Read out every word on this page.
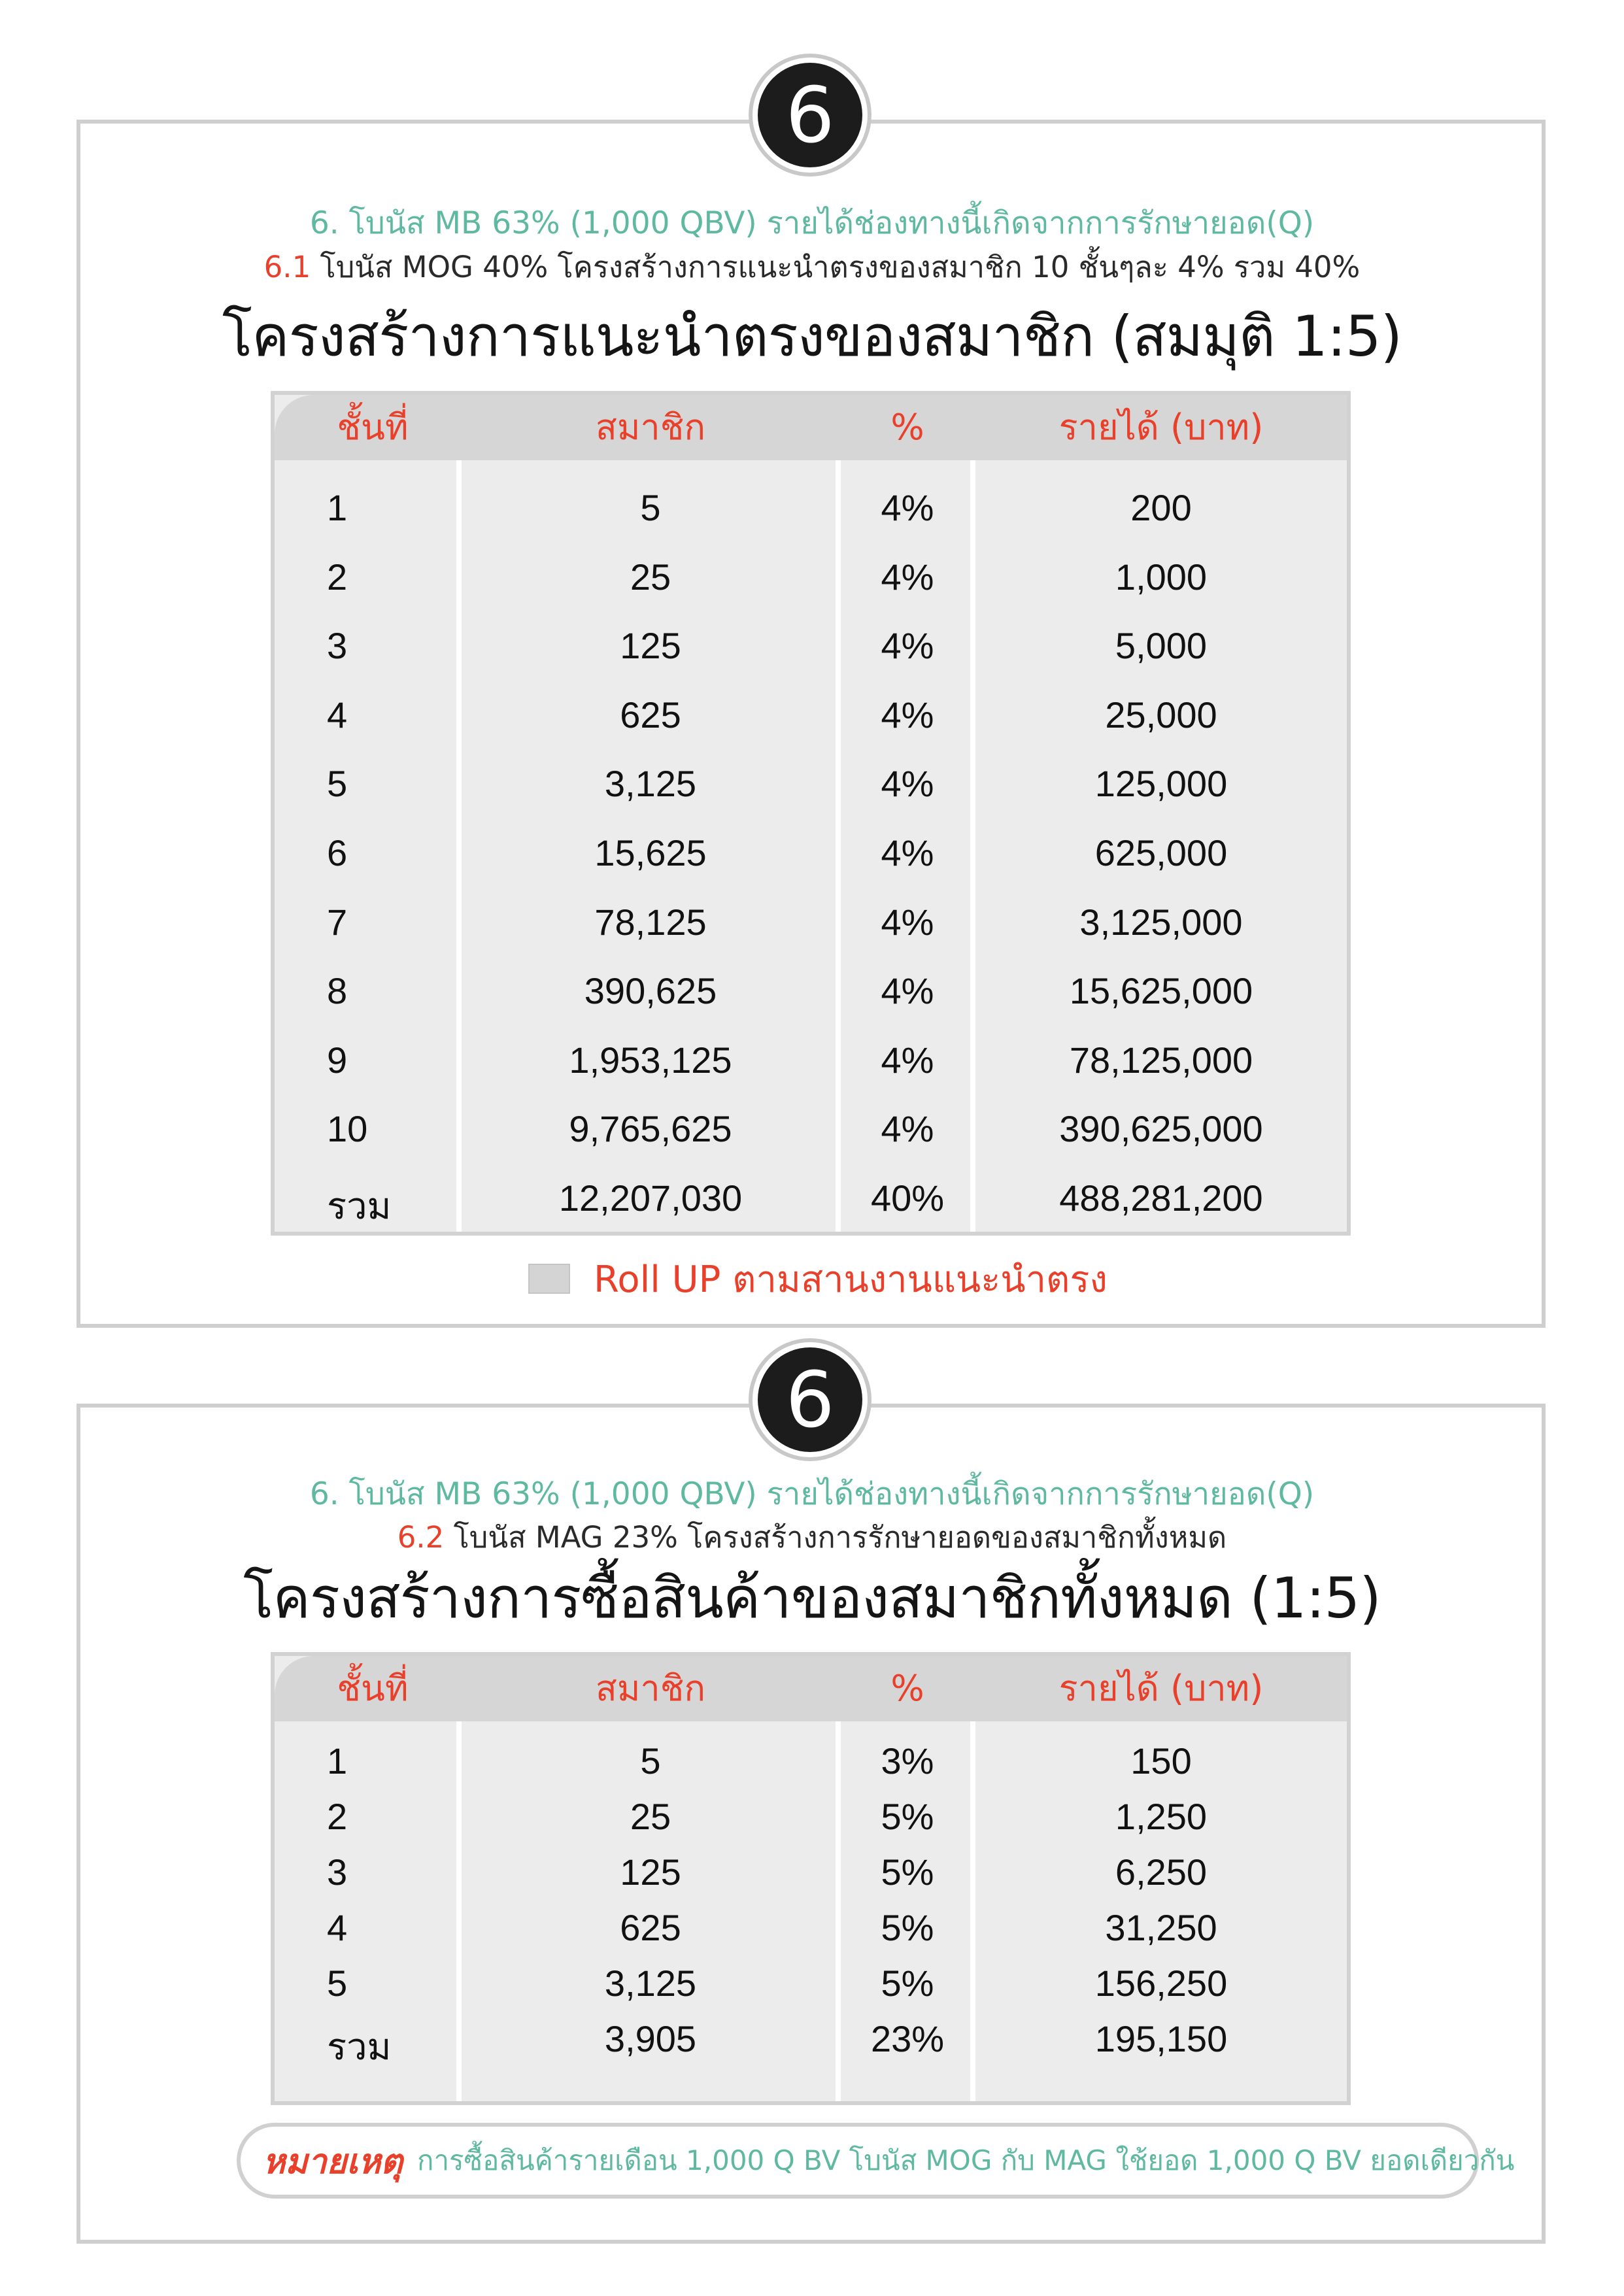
6
6. โบนัส MB 63% (1,000 QBV) รายได้ช่องทางนี้เกิดจากการรักษายอด(Q)
6.1 โบนัส MOG 40% โครงสร้างการแนะนำตรงของสมาชิก 10 ชั้นๆละ 4% รวม 40%
โครงสร้างการแนะนำตรงของสมาชิก (สมมุติ 1:5)
ชั้นที่	สมาชิก	%	รายได้ (บาท)
1	5	4%	200
2	25	4%	1,000
3	125	4%	5,000
4	625	4%	25,000
5	3,125	4%	125,000
6	15,625	4%	625,000
7	78,125	4%	3,125,000
8	390,625	4%	15,625,000
9	1,953,125	4%	78,125,000
10	9,765,625	4%	390,625,000
รวม	12,207,030	40%	488,281,200
Roll UP ตามสานงานแนะนำตรง
6
6. โบนัส MB 63% (1,000 QBV) รายได้ช่องทางนี้เกิดจากการรักษายอด(Q)
6.2 โบนัส MAG 23% โครงสร้างการรักษายอดของสมาชิกทั้งหมด
โครงสร้างการซื้อสินค้าของสมาชิกทั้งหมด (1:5)
ชั้นที่	สมาชิก	%	รายได้ (บาท)
1	5	3%	150
2	25	5%	1,250
3	125	5%	6,250
4	625	5%	31,250
5	3,125	5%	156,250
รวม	3,905	23%	195,150
หมายเหตุ การซื้อสินค้ารายเดือน 1,000 Q BV โบนัส MOG กับ MAG ใช้ยอด 1,000 Q BV ยอดเดียวกัน
